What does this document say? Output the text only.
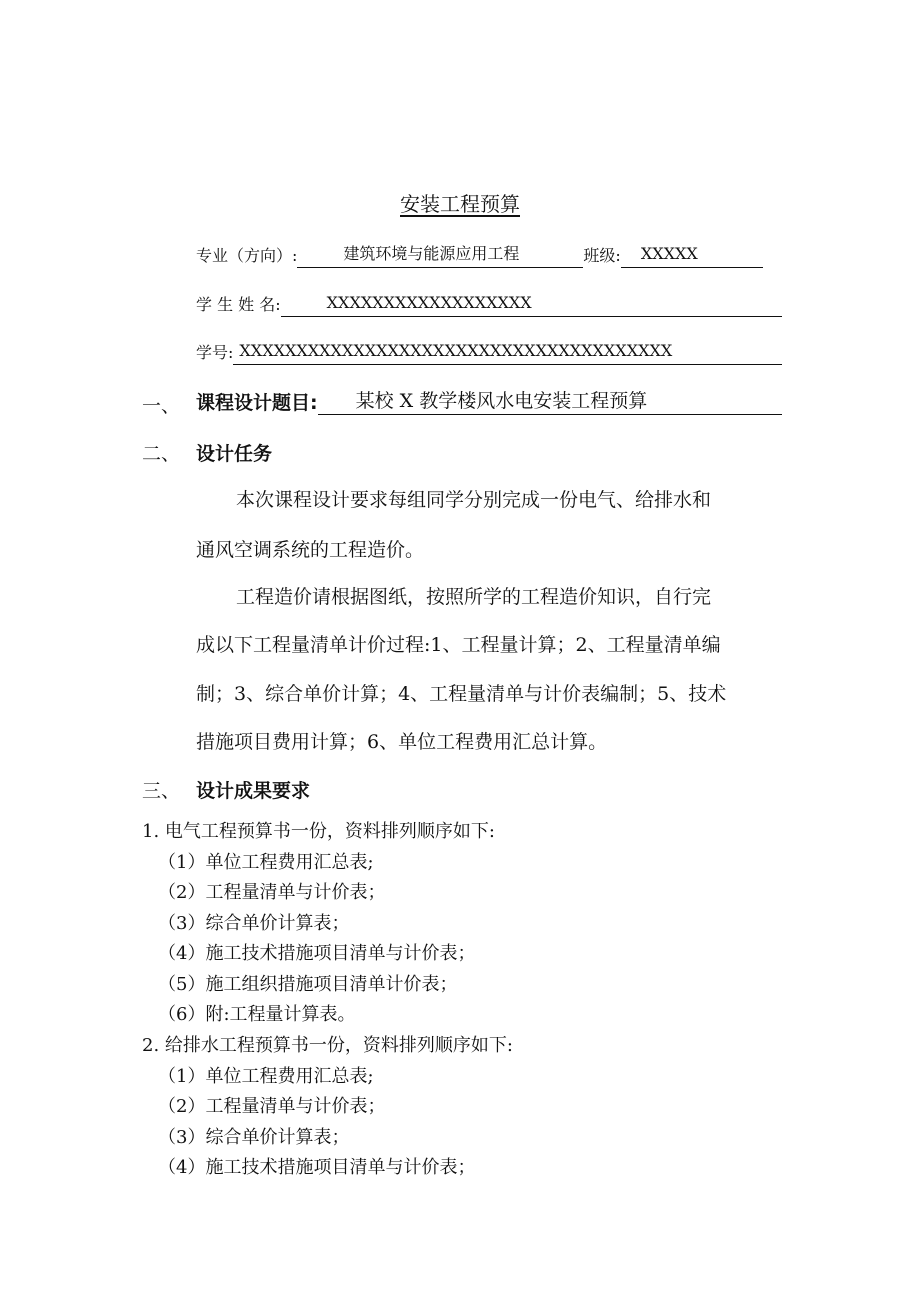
安装工程预算
专业（方向）:	建筑环境与能源应用工程	班级: XXXXX
学 生 姓 名:	XXXXXXXXXXXXXXXXXX
学号: XXXXXXXXXXXXXXXXXXXXXXXXXXXXXXXXXXXXXX
一、 课程设计题目: 某校 X 教学楼风水电安装工程预算
二、 设计任务
本次课程设计要求每组同学分别完成一份电气、给排水和
通风空调系统的工程造价。
工程造价请根据图纸，按照所学的工程造价知识，自行完
成以下工程量清单计价过程:1、工程量计算；2、工程量清单编
制；3、综合单价计算；4、工程量清单与计价表编制；5、技术
措施项目费用计算；6、单位工程费用汇总计算。
三、 设计成果要求
1. 电气工程预算书一份，资料排列顺序如下:
（1）单位工程费用汇总表;
（2）工程量清单与计价表；
（3）综合单价计算表；
（4）施工技术措施项目清单与计价表；
（5）施工组织措施项目清单计价表；
（6）附:工程量计算表。
2. 给排水工程预算书一份，资料排列顺序如下:
（1）单位工程费用汇总表;
（2）工程量清单与计价表；
（3）综合单价计算表；
（4）施工技术措施项目清单与计价表；
